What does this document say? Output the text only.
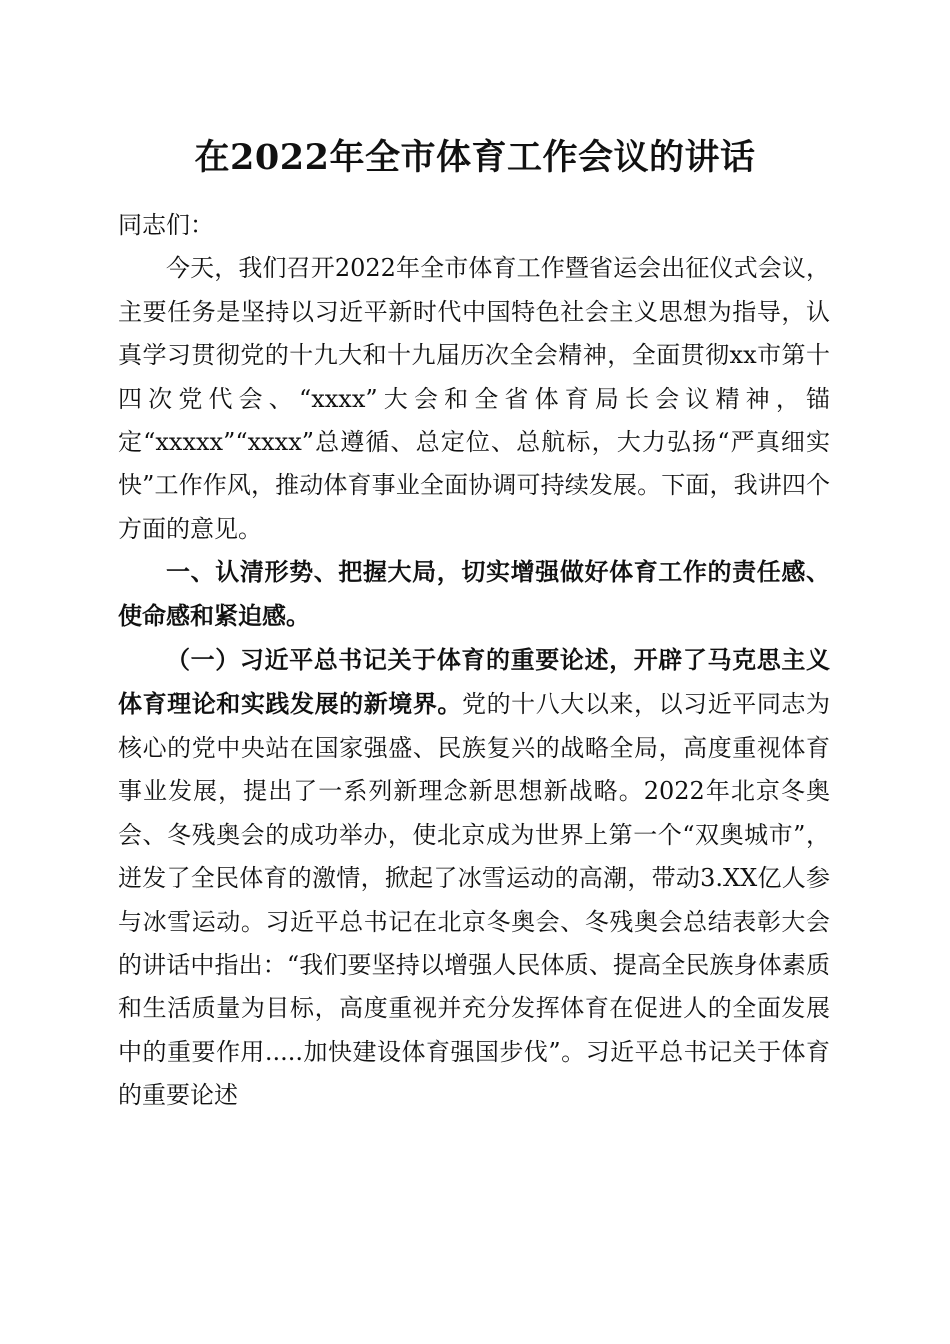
在2022年全市体育工作会议的讲话

同志们：

今天，我们召开2022年全市体育工作暨省运会出征仪式会议，主要任务是坚持以习近平新时代中国特色社会主义思想为指导，认真学习贯彻党的十九大和十九届历次全会精神，全面贯彻xx市第十四次党代会、“xxxx”大会和全省体育局长会议精神，锚定“xxxxx”“xxxx”总遵循、总定位、总航标，大力弘扬“严真细实快”工作作风，推动体育事业全面协调可持续发展。下面，我讲四个方面的意见。

一、认清形势、把握大局，切实增强做好体育工作的责任感、使命感和紧迫感。

（一）习近平总书记关于体育的重要论述，开辟了马克思主义体育理论和实践发展的新境界。党的十八大以来，以习近平同志为核心的党中央站在国家强盛、民族复兴的战略全局，高度重视体育事业发展，提出了一系列新理念新思想新战略。2022年北京冬奥会、冬残奥会的成功举办，使北京成为世界上第一个“双奥城市”，迸发了全民体育的激情，掀起了冰雪运动的高潮，带动3.XX亿人参与冰雪运动。习近平总书记在北京冬奥会、冬残奥会总结表彰大会的讲话中指出：“我们要坚持以增强人民体质、提高全民族身体素质和生活质量为目标，高度重视并充分发挥体育在促进人的全面发展中的重要作用.....加快建设体育强国步伐”。习近平总书记关于体育的重要论述
